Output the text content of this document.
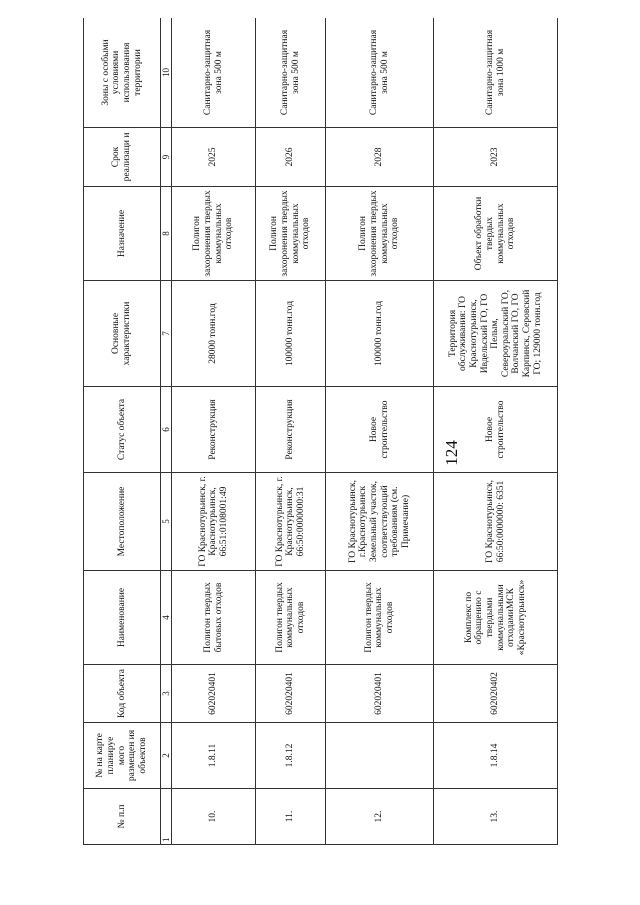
124
№ п.п	№ на карте планируе мого размещен ия объектов	Код объекта	Наименование	Местоположение	Статус объекта	Основные характеристики	Назначение	Срок реализаци и	Зоны с особыми условиями использования территории
1	2	3	4	5	6	7	8	9	10
10.	1.8.11	602020401	Полигон твердых бытовых отходов	ГО Краснотурьинск, г. Краснотурьинск, 66:51:0108001:49	Реконструкция	28000 тонн.год	Полигон захоронения твердых коммунальных отходов	2025	Санитарно-защитная зона 500 м
11.	1.8.12	602020401	Полигон твердых коммунальных отходов	ГО Краснотурьинск, г. Краснотурьинск, 66:50:0000000:31	Реконструкция	100000 тонн.год	Полигон захоронения твердых коммунальных отходов	2026	Санитарно-защитная зона 500 м
12.		602020401	Полигон твердых коммунальных отходов	ГО Краснотурьинск, г.Краснотурьинск Земельный участок, соответствующий требованиям (см. Примечание)	Новое строительство	100000 тонн.год	Полигон захоронения твердых коммунальных отходов	2028	Санитарно-защитная зона 500 м
13.	1.8.14	602020402	Комплекс по обращению с твердыми коммунальными отходамиМСК «Краснотурьинск»	ГО Краснотурьинск, 66:50:0000000: 6351	Новое строительство	Территория обслуживания: ГО Краснотурьинск, Ивдельский ГО, ГО Пелым, Североуральский ГО, Волчанский ГО, ГО Карпинск, Серовский ГО; 129000 тонн.год	Объект обработки твердых коммунальных отходов	2023	Санитарно-защитная зона 1000 м
